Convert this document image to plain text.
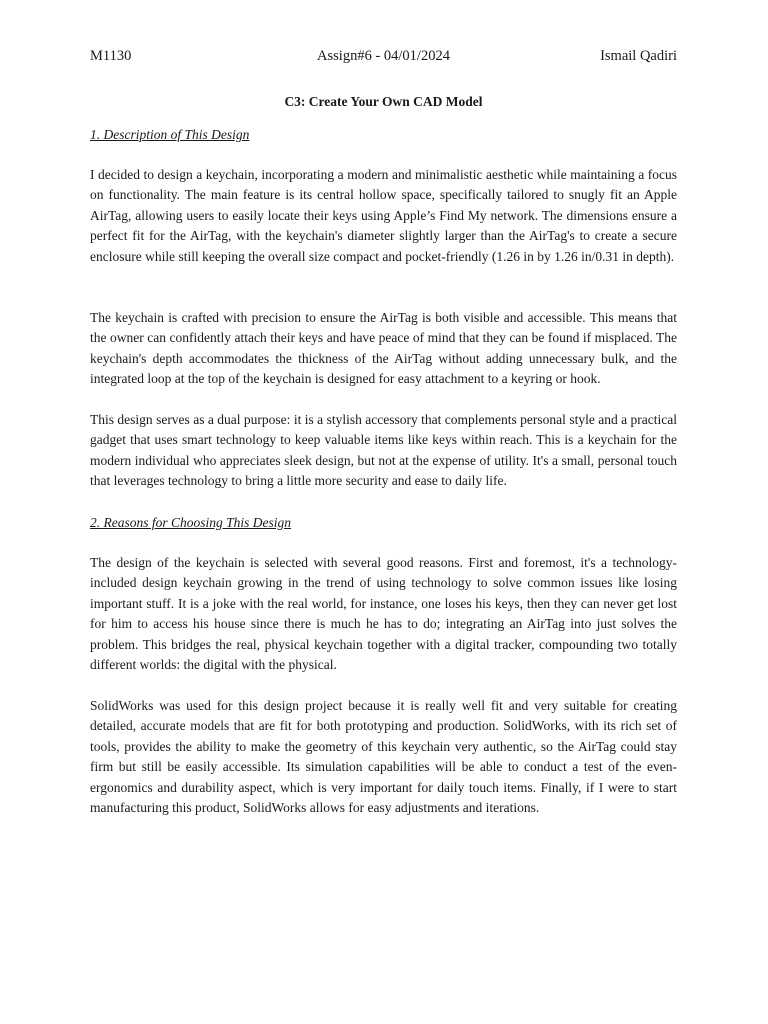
M1130	Assign#6 - 04/01/2024	Ismail Qadiri
C3: Create Your Own CAD Model
1. Description of This Design

I decided to design a keychain, incorporating a modern and minimalistic aesthetic while maintaining a focus on functionality. The main feature is its central hollow space, specifically tailored to snugly fit an Apple AirTag, allowing users to easily locate their keys using Apple’s Find My network. The dimensions ensure a perfect fit for the AirTag, with the keychain's diameter slightly larger than the AirTag's to create a secure enclosure while still keeping the overall size compact and pocket-friendly (1.26 in by 1.26 in/0.31 in depth).

The keychain is crafted with precision to ensure the AirTag is both visible and accessible. This means that the owner can confidently attach their keys and have peace of mind that they can be found if misplaced. The keychain's depth accommodates the thickness of the AirTag without adding unnecessary bulk, and the integrated loop at the top of the keychain is designed for easy attachment to a keyring or hook.

This design serves as a dual purpose: it is a stylish accessory that complements personal style and a practical gadget that uses smart technology to keep valuable items like keys within reach. This is a keychain for the modern individual who appreciates sleek design, but not at the expense of utility. It's a small, personal touch that leverages technology to bring a little more security and ease to daily life.

2. Reasons for Choosing This Design

The design of the keychain is selected with several good reasons. First and foremost, it's a technology-included design keychain growing in the trend of using technology to solve common issues like losing important stuff. It is a joke with the real world, for instance, one loses his keys, then they can never get lost for him to access his house since there is much he has to do; integrating an AirTag into just solves the problem. This bridges the real, physical keychain together with a digital tracker, compounding two totally different worlds: the digital with the physical.

SolidWorks was used for this design project because it is really well fit and very suitable for creating detailed, accurate models that are fit for both prototyping and production. SolidWorks, with its rich set of tools, provides the ability to make the geometry of this keychain very authentic, so the AirTag could stay firm but still be easily accessible. Its simulation capabilities will be able to conduct a test of the even-ergonomics and durability aspect, which is very important for daily touch items. Finally, if I were to start manufacturing this product, SolidWorks allows for easy adjustments and iterations.
